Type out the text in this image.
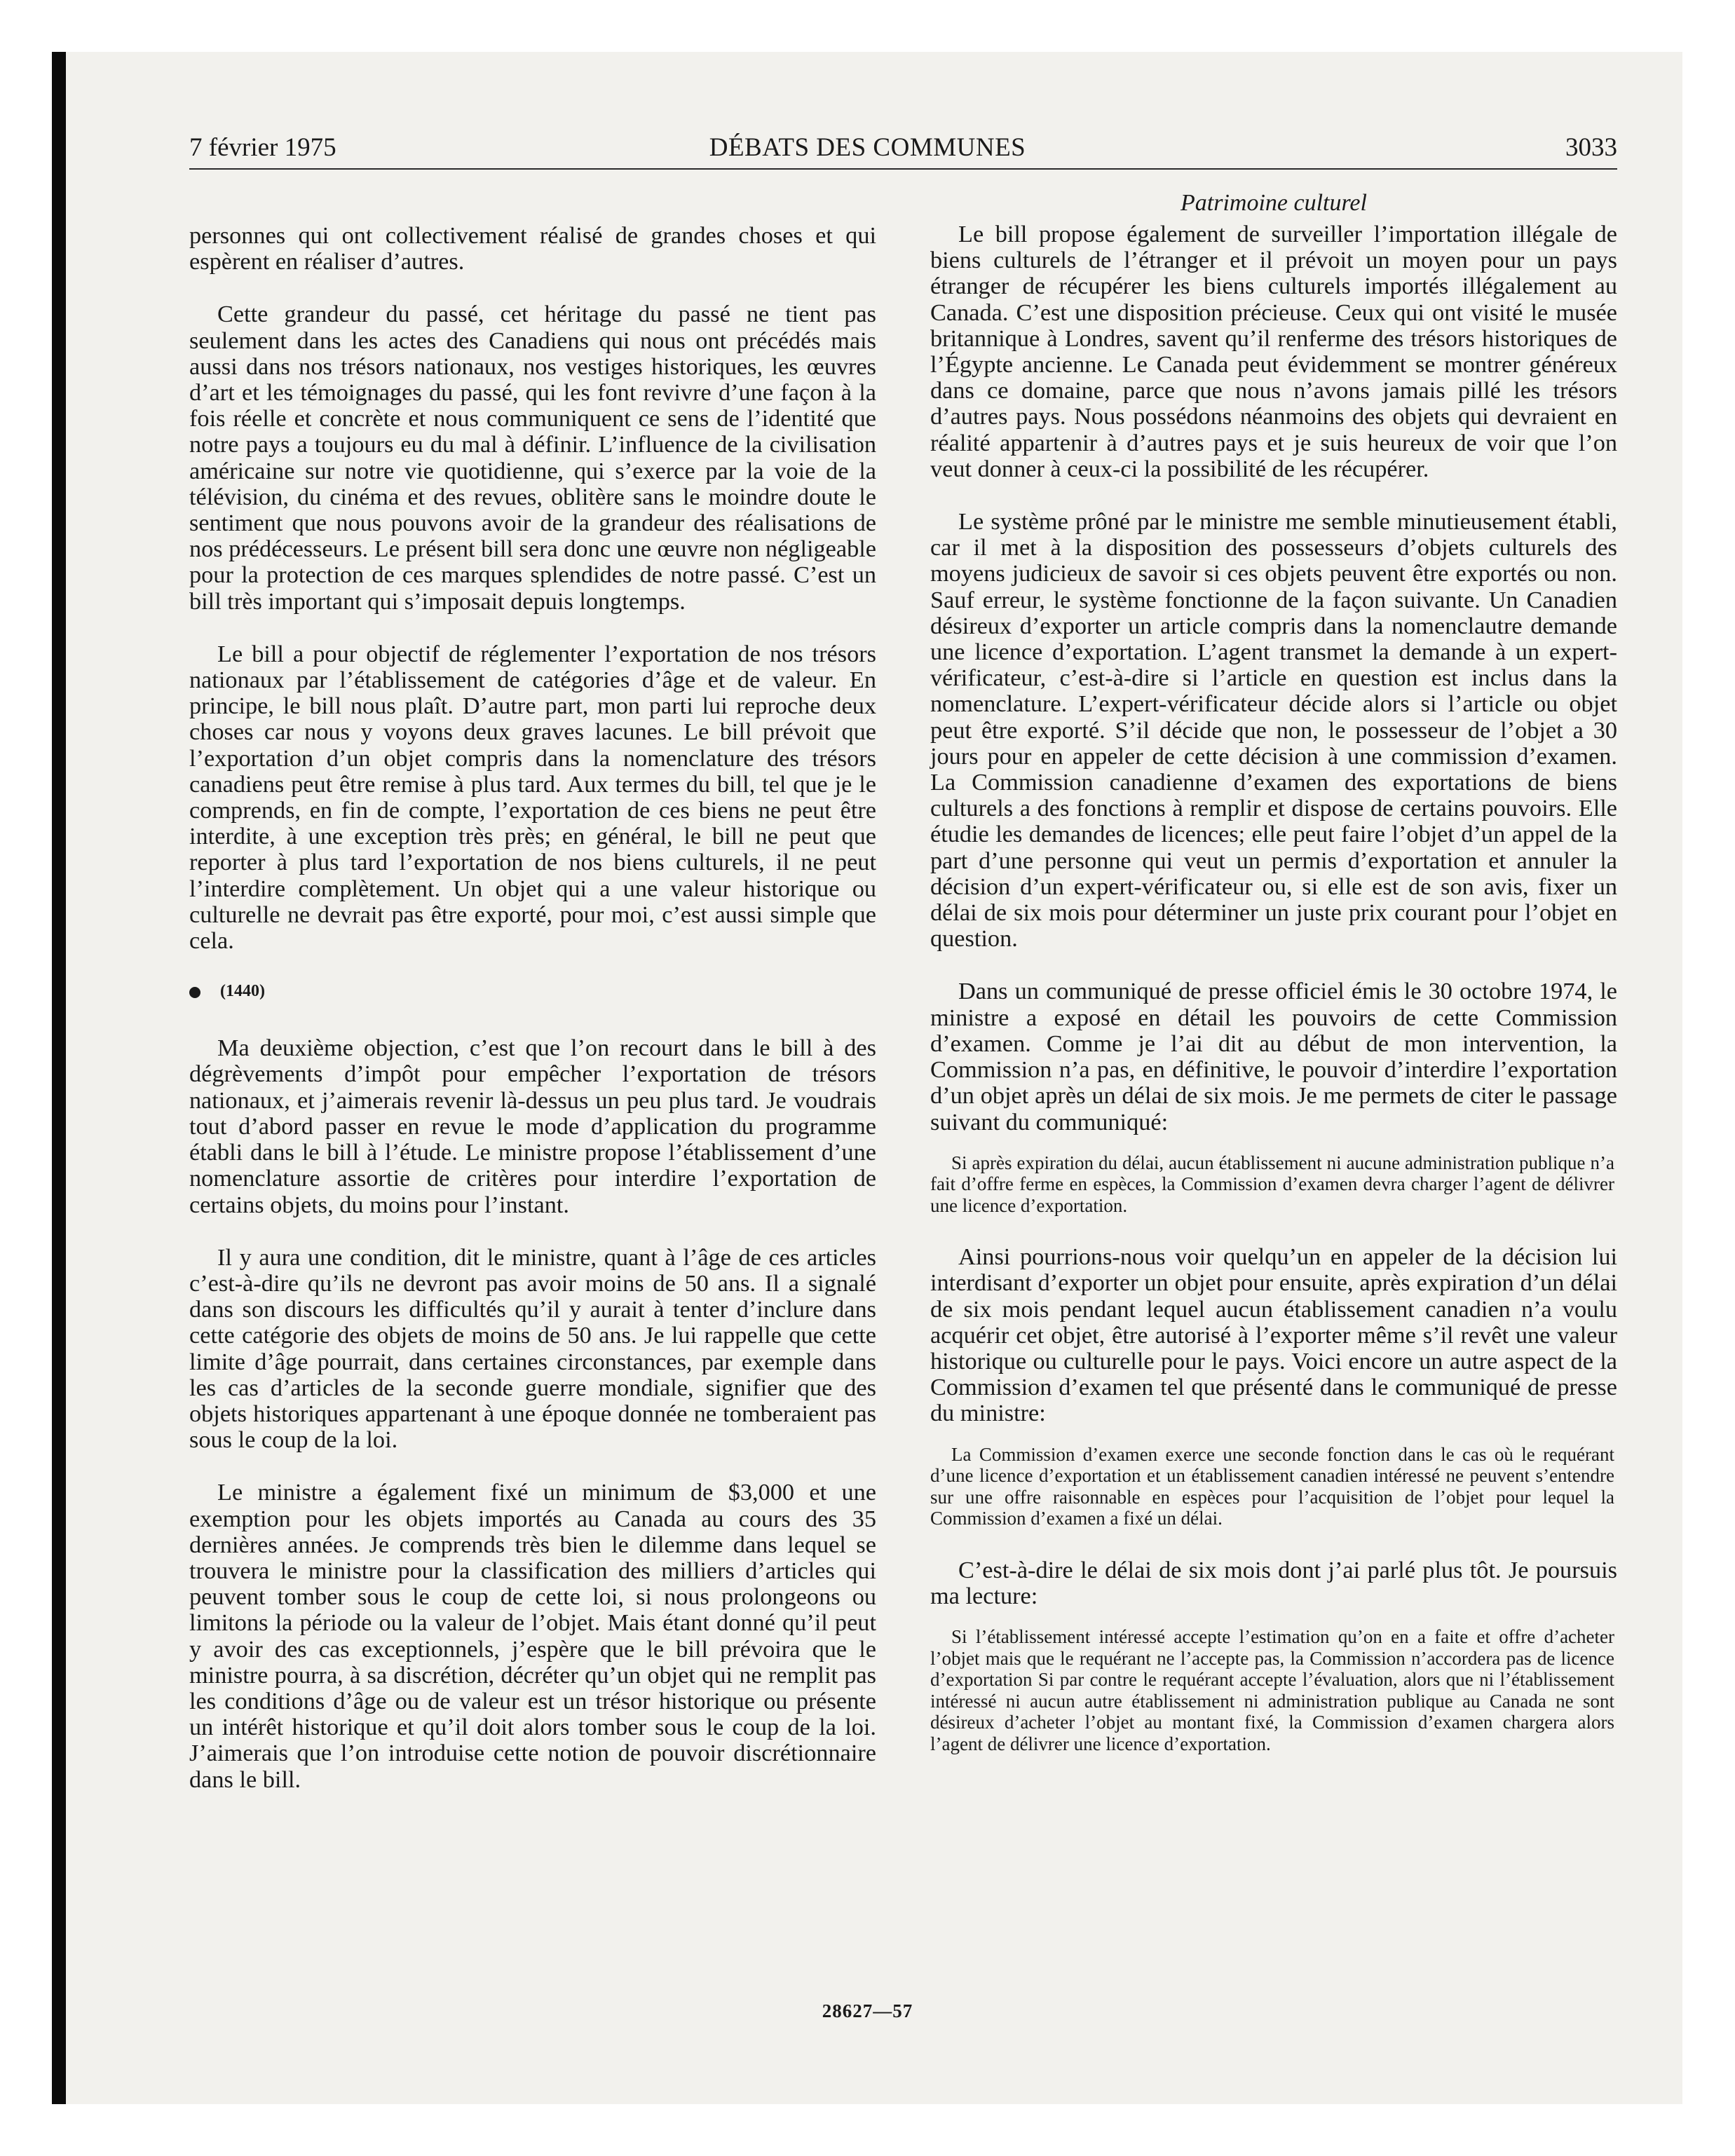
7 février 1975	DÉBATS DES COMMUNES	3033

personnes qui ont collectivement réalisé de grandes choses et qui espèrent en réaliser d’autres.

Cette grandeur du passé, cet héritage du passé ne tient pas seulement dans les actes des Canadiens qui nous ont précédés mais aussi dans nos trésors nationaux, nos vestiges historiques, les œuvres d’art et les témoignages du passé, qui les font revivre d’une façon à la fois réelle et concrète et nous communiquent ce sens de l’identité que notre pays a toujours eu du mal à définir. L’influence de la civilisation américaine sur notre vie quotidienne, qui s’exerce par la voie de la télévision, du cinéma et des revues, oblitère sans le moindre doute le sentiment que nous pouvons avoir de la grandeur des réalisations de nos prédécesseurs. Le présent bill sera donc une œuvre non négligeable pour la protection de ces marques splendides de notre passé. C’est un bill très important qui s’imposait depuis longtemps.

Le bill a pour objectif de réglementer l’exportation de nos trésors nationaux par l’établissement de catégories d’âge et de valeur. En principe, le bill nous plaît. D’autre part, mon parti lui reproche deux choses car nous y voyons deux graves lacunes. Le bill prévoit que l’exportation d’un objet compris dans la nomenclature des trésors canadiens peut être remise à plus tard. Aux termes du bill, tel que je le comprends, en fin de compte, l’exportation de ces biens ne peut être interdite, à une exception très près; en général, le bill ne peut que reporter à plus tard l’exportation de nos biens culturels, il ne peut l’interdire complètement. Un objet qui a une valeur historique ou culturelle ne devrait pas être exporté, pour moi, c’est aussi simple que cela.

(1440)

Ma deuxième objection, c’est que l’on recourt dans le bill à des dégrèvements d’impôt pour empêcher l’exportation de trésors nationaux, et j’aimerais revenir là-dessus un peu plus tard. Je voudrais tout d’abord passer en revue le mode d’application du programme établi dans le bill à l’étude. Le ministre propose l’établissement d’une nomenclature assortie de critères pour interdire l’exportation de certains objets, du moins pour l’instant.

Il y aura une condition, dit le ministre, quant à l’âge de ces articles c’est-à-dire qu’ils ne devront pas avoir moins de 50 ans. Il a signalé dans son discours les difficultés qu’il y aurait à tenter d’inclure dans cette catégorie des objets de moins de 50 ans. Je lui rappelle que cette limite d’âge pourrait, dans certaines circonstances, par exemple dans les cas d’articles de la seconde guerre mondiale, signifier que des objets historiques appartenant à une époque donnée ne tomberaient pas sous le coup de la loi.

Le ministre a également fixé un minimum de $3,000 et une exemption pour les objets importés au Canada au cours des 35 dernières années. Je comprends très bien le dilemme dans lequel se trouvera le ministre pour la classification des milliers d’articles qui peuvent tomber sous le coup de cette loi, si nous prolongeons ou limitons la période ou la valeur de l’objet. Mais étant donné qu’il peut y avoir des cas exceptionnels, j’espère que le bill prévoira que le ministre pourra, à sa discrétion, décréter qu’un objet qui ne remplit pas les conditions d’âge ou de valeur est un trésor historique ou présente un intérêt historique et qu’il doit alors tomber sous le coup de la loi. J’aimerais que l’on introduise cette notion de pouvoir discrétionnaire dans le bill.

Patrimoine culturel

Le bill propose également de surveiller l’importation illégale de biens culturels de l’étranger et il prévoit un moyen pour un pays étranger de récupérer les biens culturels importés illégalement au Canada. C’est une disposition précieuse. Ceux qui ont visité le musée britannique à Londres, savent qu’il renferme des trésors historiques de l’Égypte ancienne. Le Canada peut évidemment se montrer généreux dans ce domaine, parce que nous n’avons jamais pillé les trésors d’autres pays. Nous possédons néanmoins des objets qui devraient en réalité appartenir à d’autres pays et je suis heureux de voir que l’on veut donner à ceux-ci la possibilité de les récupérer.

Le système prôné par le ministre me semble minutieusement établi, car il met à la disposition des possesseurs d’objets culturels des moyens judicieux de savoir si ces objets peuvent être exportés ou non. Sauf erreur, le système fonctionne de la façon suivante. Un Canadien désireux d’exporter un article compris dans la nomenclautre demande une licence d’exportation. L’agent transmet la demande à un expert-vérificateur, c’est-à-dire si l’article en question est inclus dans la nomenclature. L’expert-vérificateur décide alors si l’article ou objet peut être exporté. S’il décide que non, le possesseur de l’objet a 30 jours pour en appeler de cette décision à une commission d’examen. La Commission canadienne d’examen des exportations de biens culturels a des fonctions à remplir et dispose de certains pouvoirs. Elle étudie les demandes de licences; elle peut faire l’objet d’un appel de la part d’une personne qui veut un permis d’exportation et annuler la décision d’un expert-vérificateur ou, si elle est de son avis, fixer un délai de six mois pour déterminer un juste prix courant pour l’objet en question.

Dans un communiqué de presse officiel émis le 30 octobre 1974, le ministre a exposé en détail les pouvoirs de cette Commission d’examen. Comme je l’ai dit au début de mon intervention, la Commission n’a pas, en définitive, le pouvoir d’interdire l’exportation d’un objet après un délai de six mois. Je me permets de citer le passage suivant du communiqué:

Si après expiration du délai, aucun établissement ni aucune administration publique n’a fait d’offre ferme en espèces, la Commission d’examen devra charger l’agent de délivrer une licence d’exportation.

Ainsi pourrions-nous voir quelqu’un en appeler de la décision lui interdisant d’exporter un objet pour ensuite, après expiration d’un délai de six mois pendant lequel aucun établissement canadien n’a voulu acquérir cet objet, être autorisé à l’exporter même s’il revêt une valeur historique ou culturelle pour le pays. Voici encore un autre aspect de la Commission d’examen tel que présenté dans le communiqué de presse du ministre:

La Commission d’examen exerce une seconde fonction dans le cas où le requérant d’une licence d’exportation et un établissement canadien intéressé ne peuvent s’entendre sur une offre raisonnable en espèces pour l’acquisition de l’objet pour lequel la Commission d’examen a fixé un délai.

C’est-à-dire le délai de six mois dont j’ai parlé plus tôt. Je poursuis ma lecture:

Si l’établissement intéressé accepte l’estimation qu’on en a faite et offre d’acheter l’objet mais que le requérant ne l’accepte pas, la Commission n’accordera pas de licence d’exportation Si par contre le requérant accepte l’évaluation, alors que ni l’établissement intéressé ni aucun autre établissement ni administration publique au Canada ne sont désireux d’acheter l’objet au montant fixé, la Commission d’examen chargera alors l’agent de délivrer une licence d’exportation.

28627—57
